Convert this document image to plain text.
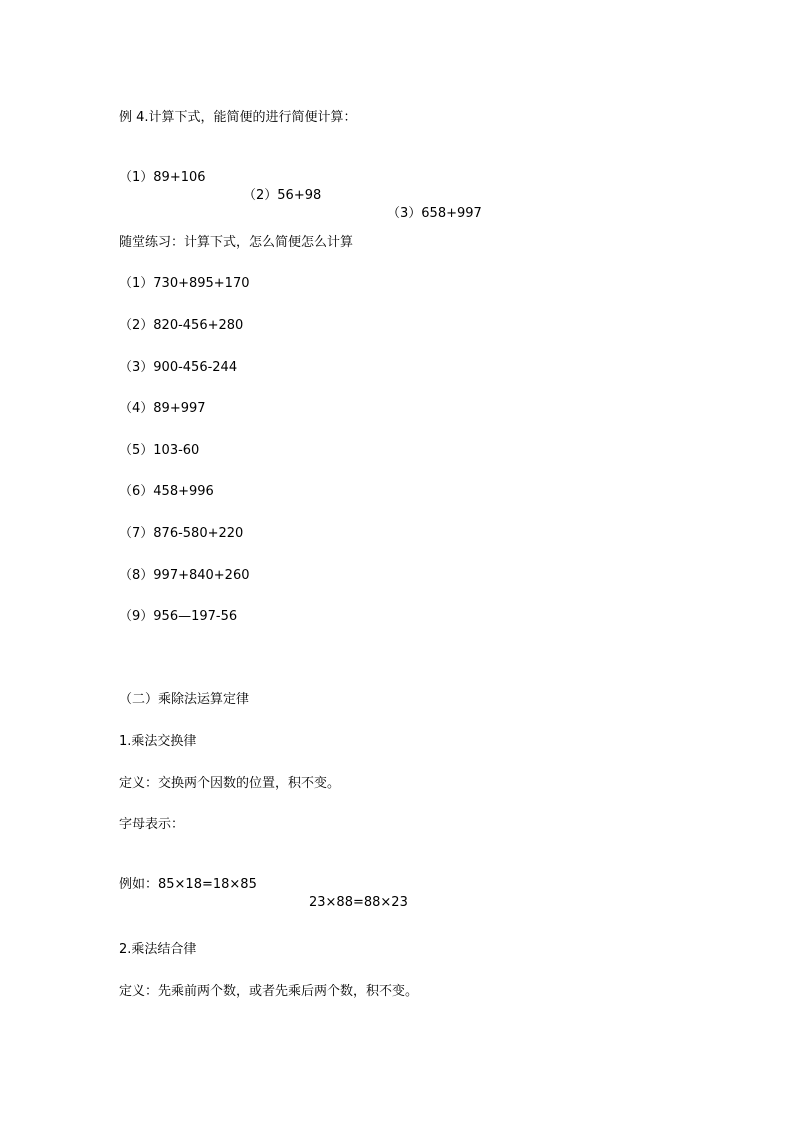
例 4.计算下式，能简便的进行简便计算：

（1）89+106

（2）56+98

（3）658+997

随堂练习：计算下式，怎么简便怎么计算
（1）730+895+170
（2）820-456+280
（3）900-456-244
（4）89+997
（5）103-60
（6）458+996
（7）876-580+220
（8）997+840+260
（9）956—197-56
（二）乘除法运算定律
1.乘法交换律
定义：交换两个因数的位置，积不变。
字母表示：

例如：85×18=18×85

23×88=88×23

2.乘法结合律
定义：先乘前两个数，或者先乘后两个数，积不变。
